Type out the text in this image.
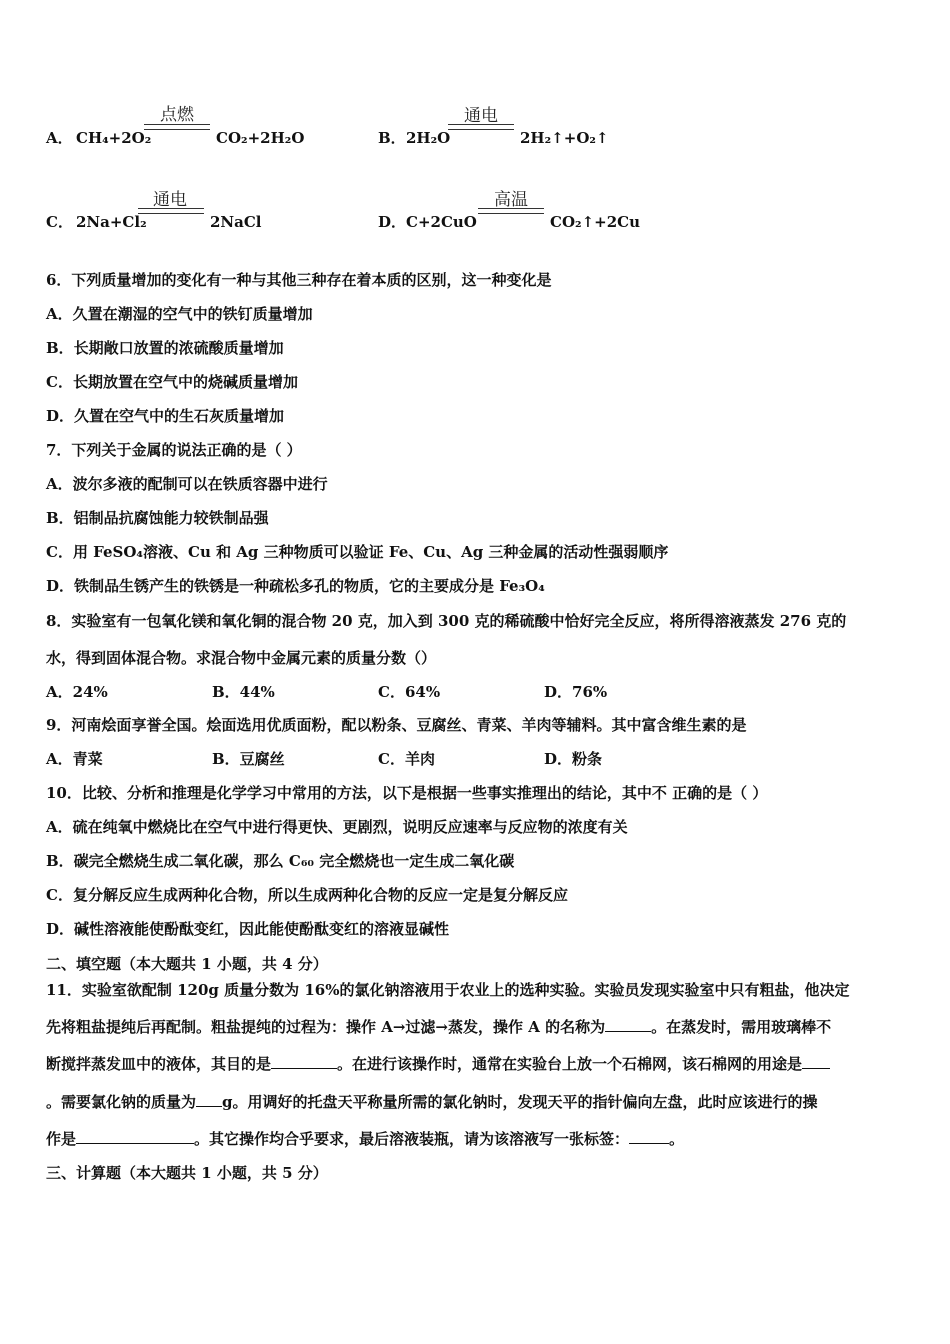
A． CH₄+2O₂
点燃
CO₂+2H₂O	B． 2H₂O
通电
2H₂↑+O₂↑
C． 2Na+Cl₂
通电
2NaCl	D． C+2CuO
高温
CO₂↑+2Cu
6．下列质量增加的变化有一种与其他三种存在着本质的区别，这一种变化是
A．久置在潮湿的空气中的铁钉质量增加
B．长期敞口放置的浓硫酸质量增加
C．长期放置在空气中的烧碱质量增加
D．久置在空气中的生石灰质量增加
7．下列关于金属的说法正确的是（ ）
A．波尔多液的配制可以在铁质容器中进行
B．铝制品抗腐蚀能力较铁制品强
C．用 FeSO₄溶液、Cu 和 Ag 三种物质可以验证 Fe、Cu、Ag 三种金属的活动性强弱顺序
D．铁制品生锈产生的铁锈是一种疏松多孔的物质，它的主要成分是 Fe₃O₄
8．实验室有一包氧化镁和氧化铜的混合物 20 克，加入到 300 克的稀硫酸中恰好完全反应，将所得溶液蒸发 276 克的
水，得到固体混合物。求混合物中金属元素的质量分数（）
A．24%	B．44%	C．64%	D．76%
9．河南烩面享誉全国。烩面选用优质面粉，配以粉条、豆腐丝、青菜、羊肉等辅料。其中富含维生素的是
A．青菜	B．豆腐丝	C．羊肉	D．粉条
10．比较、分析和推理是化学学习中常用的方法，以下是根据一些事实推理出的结论，其中不 正确的是（ ）
A．硫在纯氧中燃烧比在空气中进行得更快、更剧烈，说明反应速率与反应物的浓度有关
B．碳完全燃烧生成二氧化碳，那么 C₆₀ 完全燃烧也一定生成二氧化碳
C．复分解反应生成两种化合物，所以生成两种化合物的反应一定是复分解反应
D．碱性溶液能使酚酞变红，因此能使酚酞变红的溶液显碱性
二、填空题（本大题共 1 小题，共 4 分）
11．实验室欲配制 120g 质量分数为 16%的氯化钠溶液用于农业上的选种实验。实验员发现实验室中只有粗盐，他决定
先将粗盐提纯后再配制。粗盐提纯的过程为：操作 A→过滤→蒸发，操作 A 的名称为	。在蒸发时，需用玻璃棒不
断搅拌蒸发皿中的液体，其目的是	。在进行该操作时，通常在实验台上放一个石棉网，该石棉网的用途是
。需要氯化钠的质量为 g。用调好的托盘天平称量所需的氯化钠时，发现天平的指针偏向左盘，此时应该进行的操
作是	。其它操作均合乎要求，最后溶液装瓶，请为该溶液写一张标签：	。
三、计算题（本大题共 1 小题，共 5 分）
